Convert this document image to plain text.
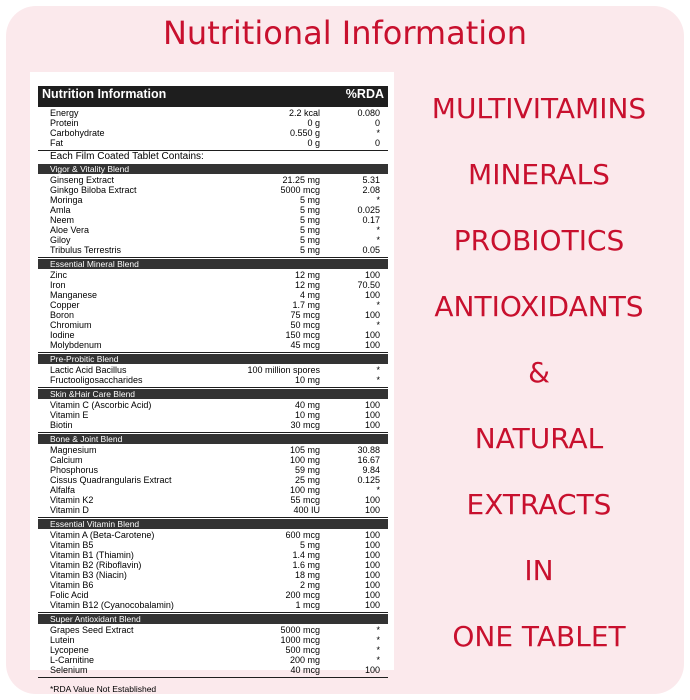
Nutritional Information
Nutrition Information	%RDA
Energy	2.2 kcal	0.080
Protein	0 g	0
Carbohydrate	0.550 g	*
Fat	0 g	0
Each Film Coated Tablet Contains:
Vigor & Vitality Blend
Ginseng Extract	21.25 mg	5.31
Ginkgo Biloba Extract	5000 mcg	2.08
Moringa	5 mg	*
Amla	5 mg	0.025
Neem	5 mg	0.17
Aloe Vera	5 mg	*
Giloy	5 mg	*
Tribulus Terrestris	5 mg	0.05
Essential Mineral Blend
Zinc	12 mg	100
Iron	12 mg	70.50
Manganese	4 mg	100
Copper	1.7 mg	*
Boron	75 mcg	100
Chromium	50 mcg	*
Iodine	150 mcg	100
Molybdenum	45 mcg	100
Pre-Probitic Blend
Lactic Acid Bacillus	100 million spores	*
Fructooligosaccharides	10 mg	*
Skin &Hair Care Blend
Vitamin C (Ascorbic Acid)	40 mg	100
Vitamin E	10 mg	100
Biotin	30 mcg	100
Bone & Joint Blend
Magnesium	105 mg	30.88
Calcium	100 mg	16.67
Phosphorus	59 mg	9.84
Cissus Quadrangularis Extract	25 mg	0.125
Alfalfa	100 mg	*
Vitamin K2	55 mcg	100
Vitamin D	400 IU	100
Essential Vitamin Blend
Vitamin A (Beta-Carotene)	600 mcg	100
Vitamin B5	5 mg	100
Vitamin B1 (Thiamin)	1.4 mg	100
Vitamin B2 (Riboflavin)	1.6 mg	100
Vitamin B3 (Niacin)	18 mg	100
Vitamin B6	2 mg	100
Folic Acid	200 mcg	100
Vitamin B12 (Cyanocobalamin)	1 mcg	100
Super Antioxidant Blend
Grapes Seed Extract	5000 mcg	*
Lutein	1000 mcg	*
Lycopene	500 mcg	*
L-Carnitine	200 mg	*
Selenium	40 mcg	100
*RDA Value Not Established
MULTIVITAMINS
MINERALS
PROBIOTICS
ANTIOXIDANTS
&
NATURAL
EXTRACTS
IN
ONE TABLET
